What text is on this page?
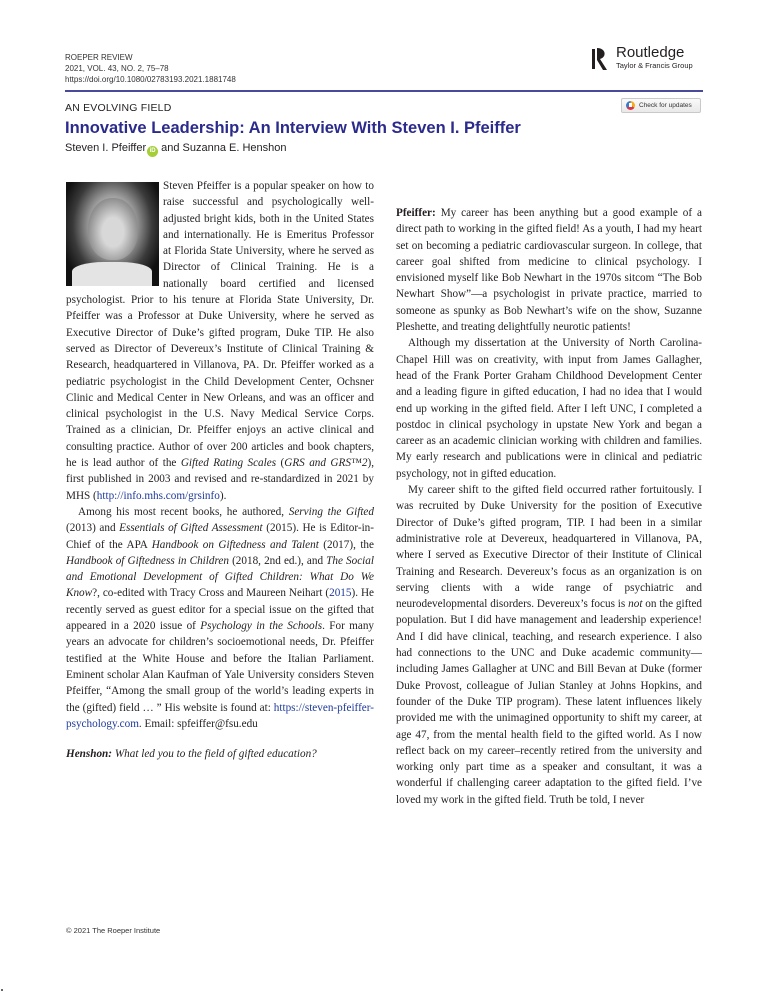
ROEPER REVIEW
2021, VOL. 43, NO. 2, 75–78
https://doi.org/10.1080/02783193.2021.1881748
Routledge
Taylor & Francis Group
AN EVOLVING FIELD	Check for updates
Innovative Leadership: An Interview With Steven I. Pfeiffer
Steven I. Pfeiffer iD and Suzanna E. Henshon

Steven Pfeiffer is a popular speaker on how to raise successful and psychologically well-adjusted bright kids, both in the United States and internationally. He is Emeritus Professor at Florida State University, where he served as Director of Clinical Training. He is a nationally board certified and licensed psychologist. Prior to his tenure at Florida State University, Dr. Pfeiffer was a Professor at Duke University, where he served as Executive Director of Duke’s gifted program, Duke TIP. He also served as Director of Devereux’s Institute of Clinical Training & Research, headquartered in Villanova, PA. Dr. Pfeiffer worked as a pediatric psychologist in the Child Development Center, Ochsner Clinic and Medical Center in New Orleans, and was an officer and clinical psychologist in the U.S. Navy Medical Service Corps. Trained as a clinician, Dr. Pfeiffer enjoys an active clinical and consulting practice. Author of over 200 articles and book chapters, he is lead author of the Gifted Rating Scales (GRS and GRS™2), first published in 2003 and revised and re-standardized in 2021 by MHS (http://info.mhs.com/grsinfo).

Among his most recent books, he authored, Serving the Gifted (2013) and Essentials of Gifted Assessment (2015). He is Editor-in-Chief of the APA Handbook on Giftedness and Talent (2017), the Handbook of Giftedness in Children (2018, 2nd ed.), and The Social and Emotional Development of Gifted Children: What Do We Know?, co-edited with Tracy Cross and Maureen Neihart (2015). He recently served as guest editor for a special issue on the gifted that appeared in a 2020 issue of Psychology in the Schools. For many years an advocate for children’s socioemotional needs, Dr. Pfeiffer testified at the White House and before the Italian Parliament. Eminent scholar Alan Kaufman of Yale University considers Steven Pfeiffer, “Among the small group of the world’s leading experts in the (gifted) field … ” His website is found at: https://steven-pfeiffer-psychology.com. Email: spfeiffer@fsu.edu

Henshon: What led you to the field of gifted education?

Pfeiffer: My career has been anything but a good example of a direct path to working in the gifted field! As a youth, I had my heart set on becoming a pediatric cardiovascular surgeon. In college, that career goal shifted from medicine to clinical psychology. I envisioned myself like Bob Newhart in the 1970s sitcom “The Bob Newhart Show”—a psychologist in private practice, married to someone as spunky as Bob Newhart’s wife on the show, Suzanne Pleshette, and treating delightfully neurotic patients!

Although my dissertation at the University of North Carolina-Chapel Hill was on creativity, with input from James Gallagher, head of the Frank Porter Graham Childhood Development Center and a leading figure in gifted education, I had no idea that I would end up working in the gifted field. After I left UNC, I completed a postdoc in clinical psychology in upstate New York and began a career as an academic clinician working with children and families. My early research and publications were in clinical and pediatric psychology, not in gifted education.

My career shift to the gifted field occurred rather fortuitously. I was recruited by Duke University for the position of Executive Director of Duke’s gifted program, TIP. I had been in a similar administrative role at Devereux, headquartered in Villanova, PA, where I served as Executive Director of their Institute of Clinical Training and Research. Devereux’s focus as an organization is on serving clients with a wide range of psychiatric and neurodevelopmental disorders. Devereux’s focus is not on the gifted population. But I did have management and leadership experience! And I did have clinical, teaching, and research experience. I also had connections to the UNC and Duke academic community—including James Gallagher at UNC and Bill Bevan at Duke (former Duke Provost, colleague of Julian Stanley at Johns Hopkins, and founder of the Duke TIP program). These latent influences likely provided me with the unimagined opportunity to shift my career, at age 47, from the mental health field to the gifted world. As I now reflect back on my career–recently retired from the university and working only part time as a speaker and consultant, it was a wonderful if challenging career adaptation to the gifted field. I’ve loved my work in the gifted field. Truth be told, I never

© 2021 The Roeper Institute
